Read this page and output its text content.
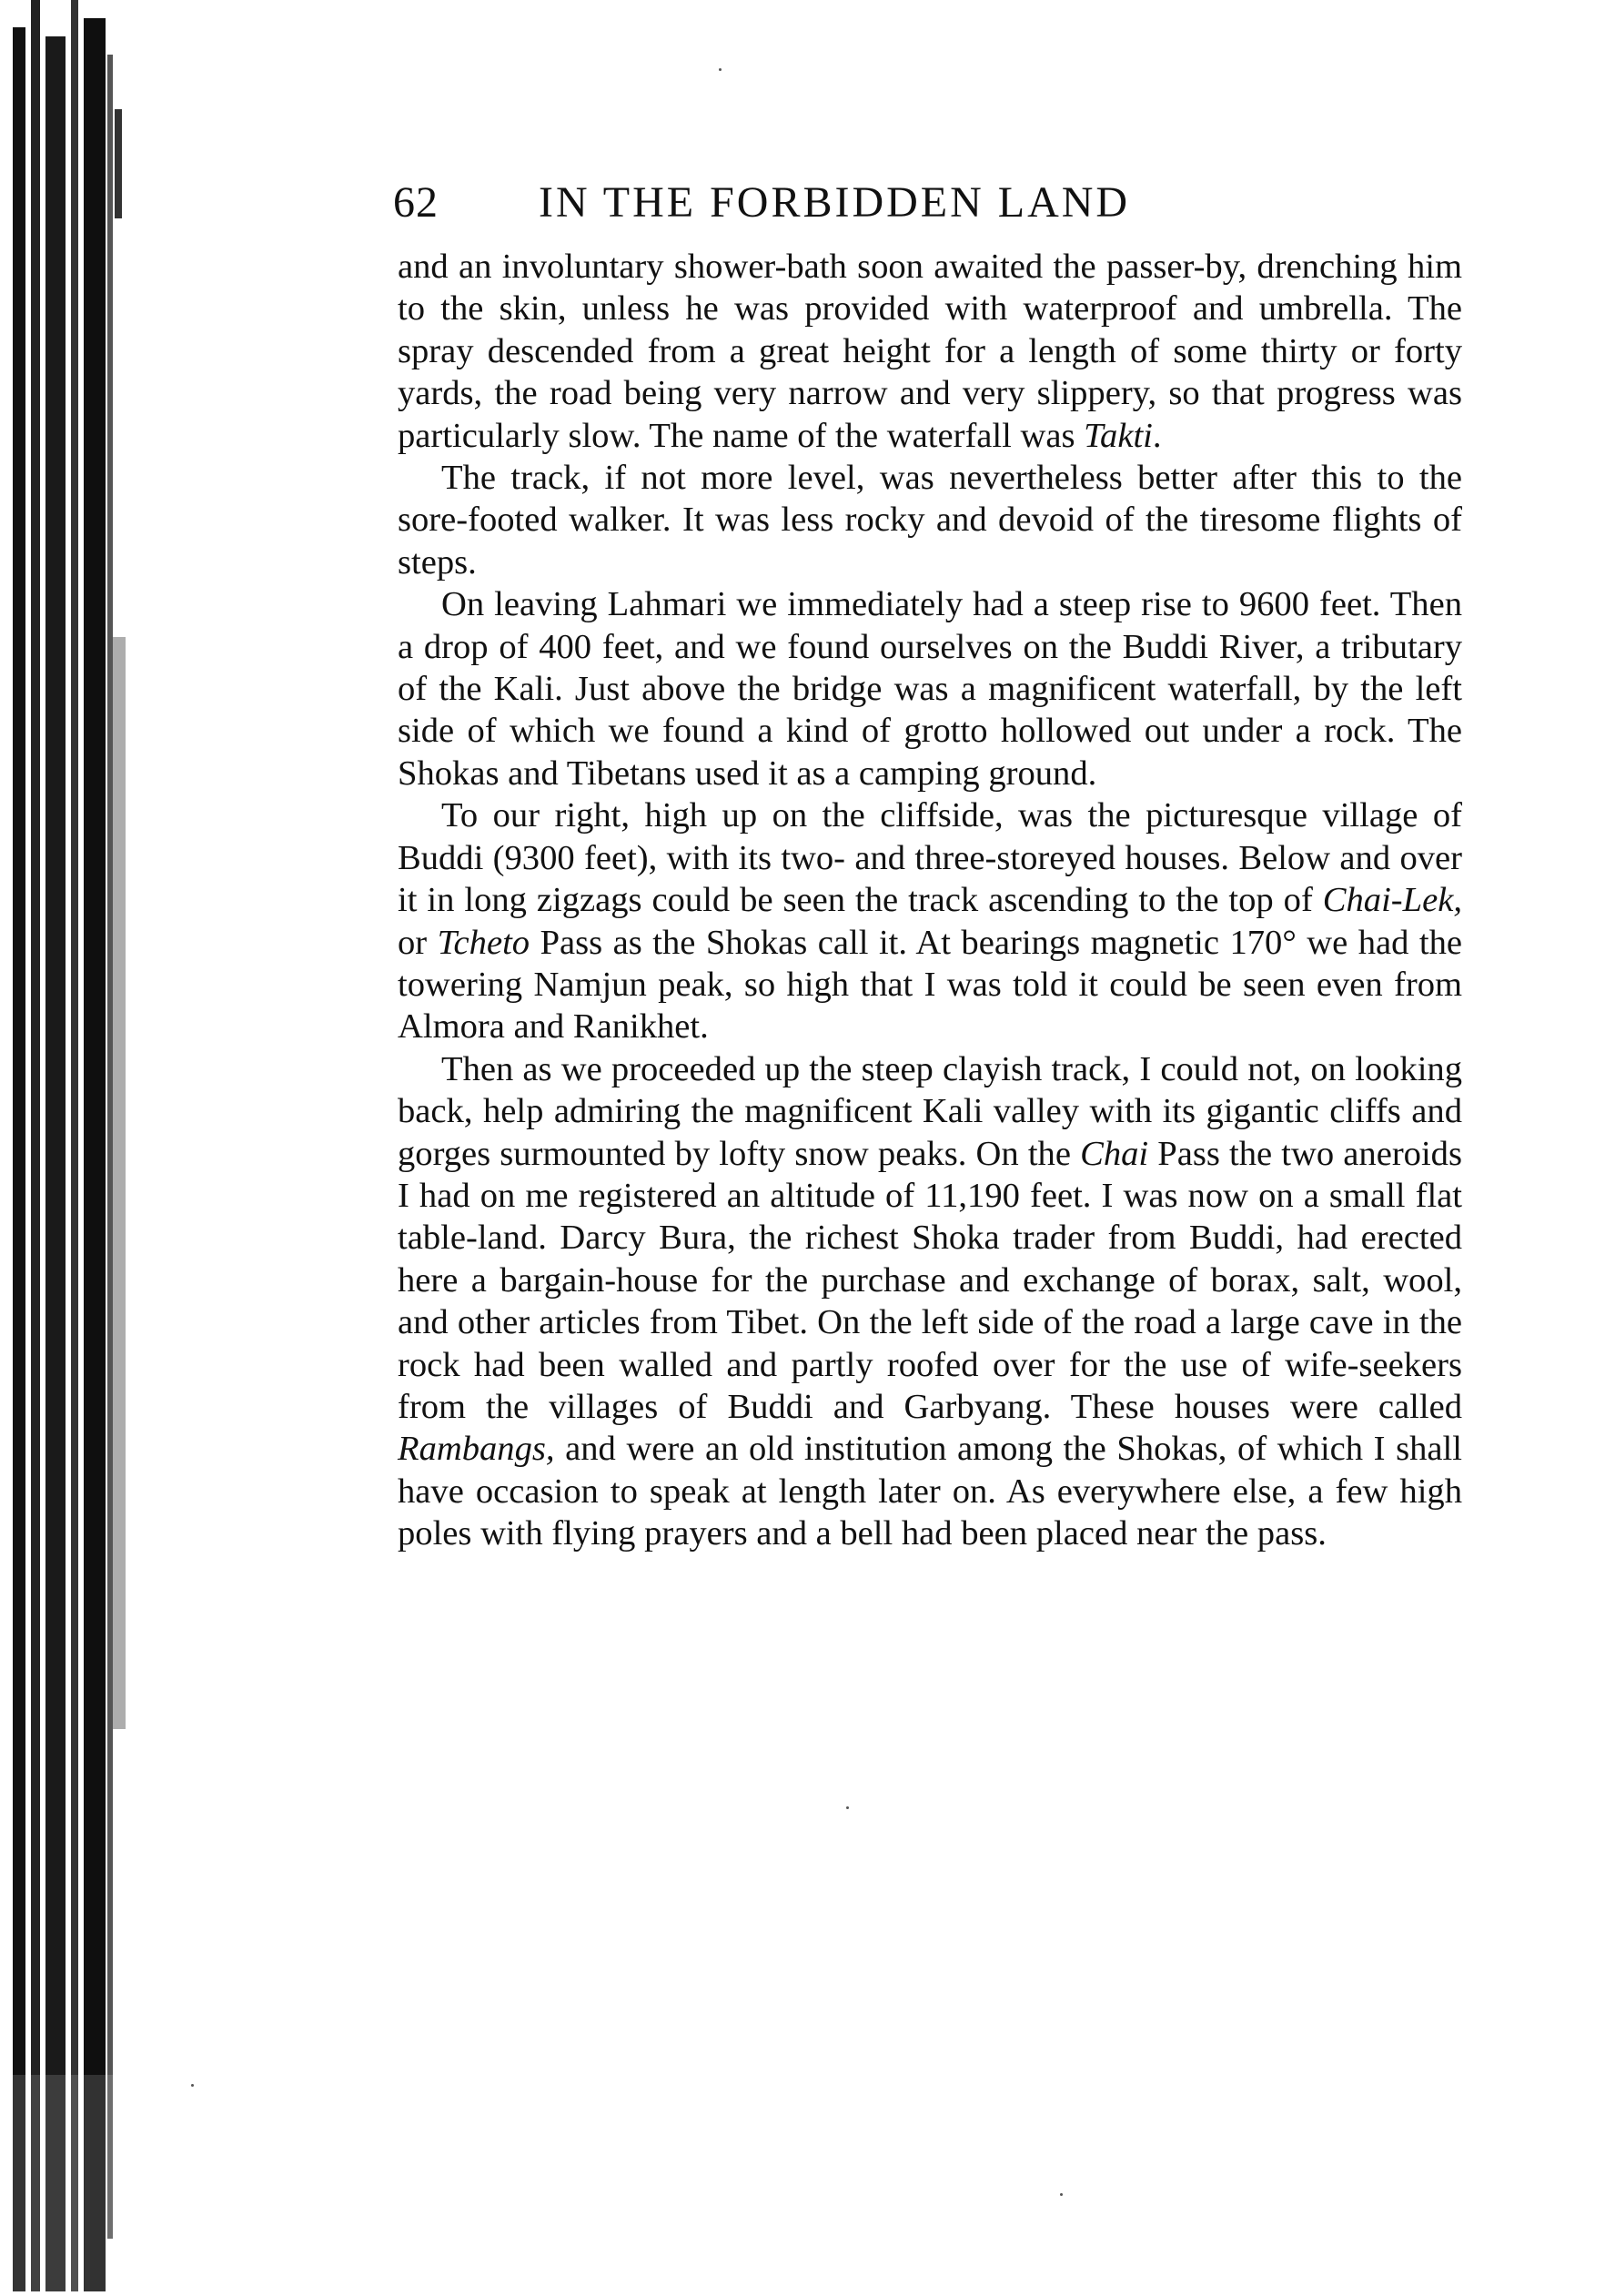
62 IN THE FORBIDDEN LAND

and an involuntary shower-bath soon awaited the passer-by, drenching him to the skin, unless he was provided with waterproof and umbrella. The spray descended from a great height for a length of some thirty or forty yards, the road being very narrow and very slippery, so that progress was particularly slow. The name of the waterfall was Takti.

The track, if not more level, was nevertheless better after this to the sore-footed walker. It was less rocky and devoid of the tiresome flights of steps.

On leaving Lahmari we immediately had a steep rise to 9600 feet. Then a drop of 400 feet, and we found ourselves on the Buddi River, a tributary of the Kali. Just above the bridge was a magnificent waterfall, by the left side of which we found a kind of grotto hollowed out under a rock. The Shokas and Tibetans used it as a camping ground.

To our right, high up on the cliffside, was the picturesque village of Buddi (9300 feet), with its two- and three-storeyed houses. Below and over it in long zigzags could be seen the track ascending to the top of Chai-Lek, or Tcheto Pass as the Shokas call it. At bearings magnetic 170° we had the towering Namjun peak, so high that I was told it could be seen even from Almora and Ranikhet.

Then as we proceeded up the steep clayish track, I could not, on looking back, help admiring the magnificent Kali valley with its gigantic cliffs and gorges surmounted by lofty snow peaks. On the Chai Pass the two aneroids I had on me registered an altitude of 11,190 feet. I was now on a small flat table-land. Darcy Bura, the richest Shoka trader from Buddi, had erected here a bargain-house for the purchase and exchange of borax, salt, wool, and other articles from Tibet. On the left side of the road a large cave in the rock had been walled and partly roofed over for the use of wife-seekers from the villages of Buddi and Garbyang. These houses were called Rambangs, and were an old institution among the Shokas, of which I shall have occasion to speak at length later on. As everywhere else, a few high poles with flying prayers and a bell had been placed near the pass.
